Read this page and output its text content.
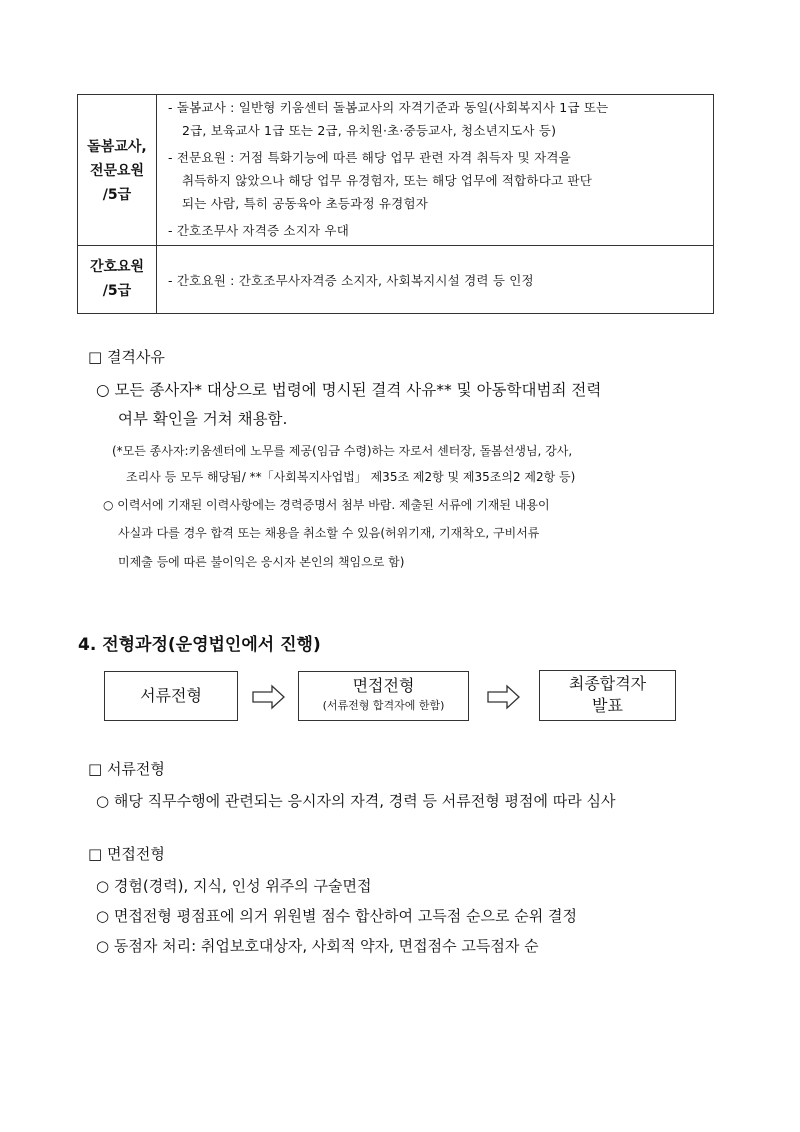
돌봄교사,
전문요원
/5급
- 돌봄교사 : 일반형 키움센터 돌봄교사의 자격기준과 동일(사회복지사 1급 또는
2급, 보육교사 1급 또는 2급, 유치원·초·중등교사, 청소년지도사 등)
- 전문요원 : 거점 특화기능에 따른 해당 업무 관련 자격 취득자 및 자격을
취득하지 않았으나 해당 업무 유경험자, 또는 해당 업무에 적합하다고 판단
되는 사람, 특히 공동육아 초등과정 유경험자
- 간호조무사 자격증 소지자 우대
간호요원
/5급
- 간호요원 : 간호조무사자격증 소지자, 사회복지시설 경력 등 인정
□ 결격사유
○ 모든 종사자* 대상으로 법령에 명시된 결격 사유** 및 아동학대범죄 전력
여부 확인을 거쳐 채용함.
(*모든 종사자:키움센터에 노무를 제공(임금 수령)하는 자로서 센터장, 돌봄선생님, 강사,
조리사 등 모두 해당됨/ **「사회복지사업법」 제35조 제2항 및 제35조의2 제2항 등)
○ 이력서에 기재된 이력사항에는 경력증명서 첨부 바람. 제출된 서류에 기재된 내용이
사실과 다를 경우 합격 또는 채용을 취소할 수 있음(허위기재, 기재착오, 구비서류
미제출 등에 따른 불이익은 응시자 본인의 책임으로 함)
4. 전형과정(운영법인에서 진행)
서류전형
면접전형
(서류전형 합격자에 한함)
최종합격자
발표
□ 서류전형
○ 해당 직무수행에 관련되는 응시자의 자격, 경력 등 서류전형 평점에 따라 심사
□ 면접전형
○ 경험(경력), 지식, 인성 위주의 구술면접
○ 면접전형 평점표에 의거 위원별 점수 합산하여 고득점 순으로 순위 결정
○ 동점자 처리: 취업보호대상자, 사회적 약자, 면접점수 고득점자 순
